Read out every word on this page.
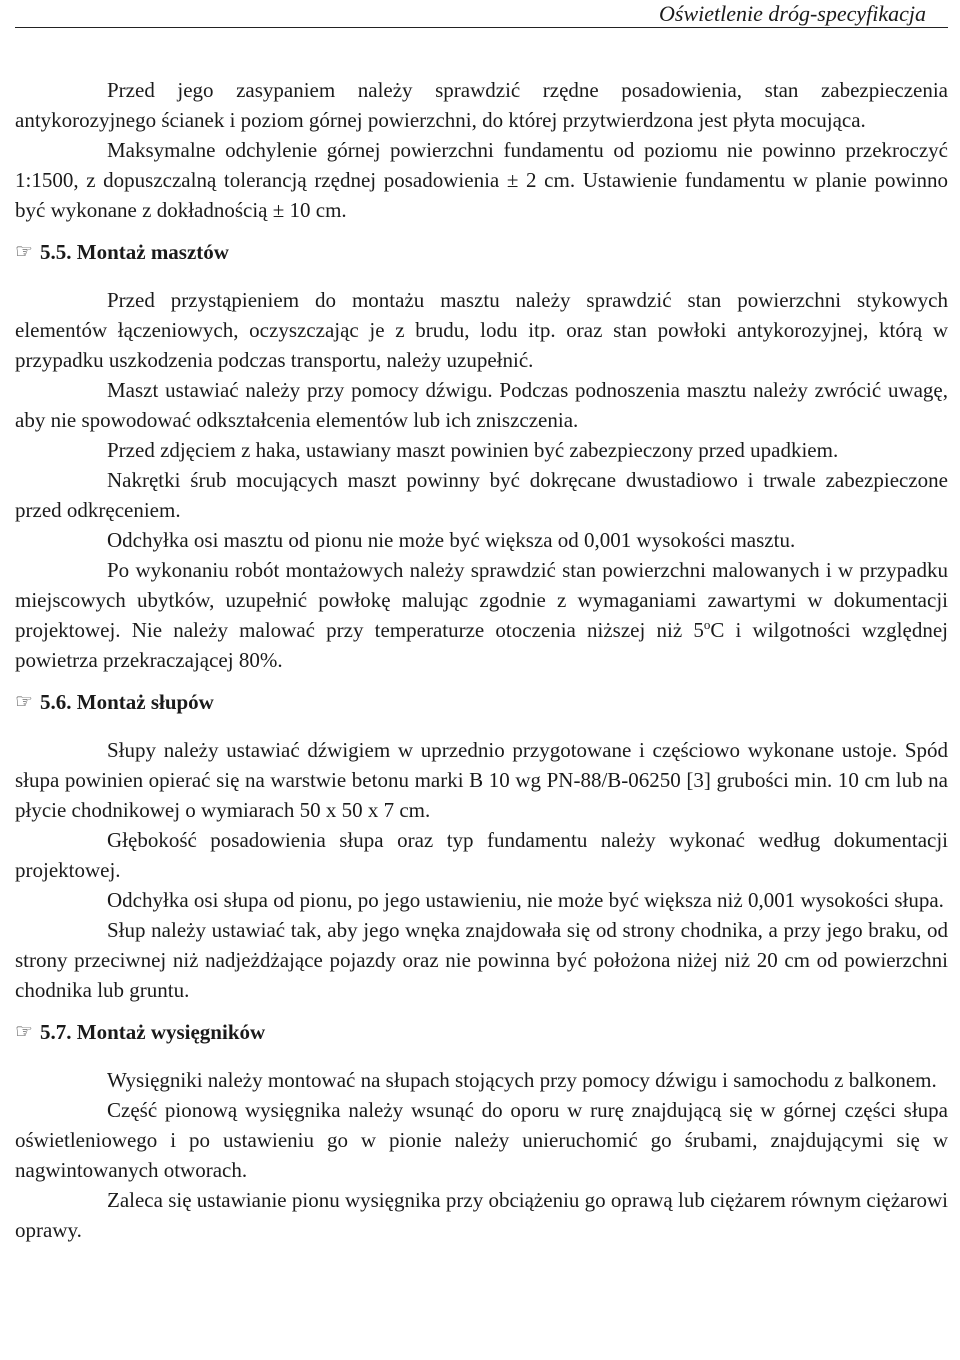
Oświetlenie dróg-specyfikacja

Przed jego zasypaniem należy sprawdzić rzędne posadowienia, stan zabezpieczenia antykorozyjnego ścianek i poziom górnej powierzchni, do której przytwierdzona jest płyta mocująca.

Maksymalne odchylenie górnej powierzchni fundamentu od poziomu nie powinno przekroczyć 1:1500, z dopuszczalną tolerancją rzędnej posadowienia ± 2 cm. Ustawienie fundamentu w planie powinno być wykonane z dokładnością ± 10 cm.

☞ 5.5. Montaż masztów

Przed przystąpieniem do montażu masztu należy sprawdzić stan powierzchni stykowych elementów łączeniowych, oczyszczając je z brudu, lodu itp. oraz stan powłoki antykorozyjnej, którą w przypadku uszkodzenia podczas transportu, należy uzupełnić.

Maszt ustawiać należy przy pomocy dźwigu. Podczas podnoszenia masztu należy zwrócić uwagę, aby nie spowodować odkształcenia elementów lub ich zniszczenia.

Przed zdjęciem z haka, ustawiany maszt powinien być zabezpieczony przed upadkiem.

Nakrętki śrub mocujących maszt powinny być dokręcane dwustadiowo i trwale zabezpieczone przed odkręceniem.

Odchyłka osi masztu od pionu nie może być większa od 0,001 wysokości masztu.

Po wykonaniu robót montażowych należy sprawdzić stan powierzchni malowanych i w przypadku miejscowych ubytków, uzupełnić powłokę malując zgodnie z wymaganiami zawartymi w dokumentacji projektowej. Nie należy malować przy temperaturze otoczenia niższej niż 5$^o$C i wilgotności względnej powietrza przekraczającej 80%.

☞ 5.6. Montaż słupów

Słupy należy ustawiać dźwigiem w uprzednio przygotowane i częściowo wykonane ustoje. Spód słupa powinien opierać się na warstwie betonu marki B 10 wg PN-88/B-06250 [3] grubości min. 10 cm lub na płycie chodnikowej o wymiarach 50 x 50 x 7 cm.

Głębokość posadowienia słupa oraz typ fundamentu należy wykonać według dokumentacji projektowej.

Odchyłka osi słupa od pionu, po jego ustawieniu, nie może być większa niż 0,001 wysokości słupa.

Słup należy ustawiać tak, aby jego wnęka znajdowała się od strony chodnika, a przy jego braku, od strony przeciwnej niż nadjeżdżające pojazdy oraz nie powinna być położona niżej niż 20 cm od powierzchni chodnika lub gruntu.

☞ 5.7. Montaż wysięgników

Wysięgniki należy montować na słupach stojących przy pomocy dźwigu i samochodu z balkonem.

Część pionową wysięgnika należy wsunąć do oporu w rurę znajdującą się w górnej części słupa oświetleniowego i po ustawieniu go w pionie należy unieruchomić go śrubami, znajdującymi się w nagwintowanych otworach.

Zaleca się ustawianie pionu wysięgnika przy obciążeniu go oprawą lub ciężarem równym ciężarowi oprawy.
